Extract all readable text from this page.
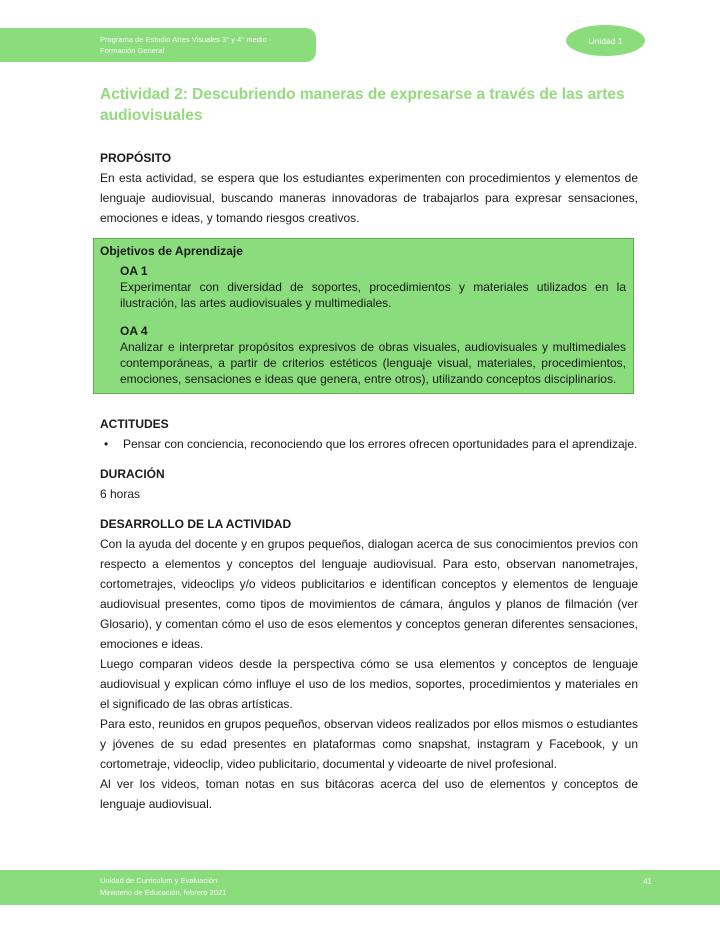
Programa de Estudio Artes Visuales 3° y 4° medio
Formación General
Unidad 1
Actividad 2: Descubriendo maneras de expresarse a través de las artes audiovisuales
PROPÓSITO

En esta actividad, se espera que los estudiantes experimenten con procedimientos y elementos de lenguaje audiovisual, buscando maneras innovadoras de trabajarlos para expresar sensaciones, emociones e ideas, y tomando riesgos creativos.

Objetivos de Aprendizaje
OA 1

Experimentar con diversidad de soportes, procedimientos y materiales utilizados en la ilustración, las artes audiovisuales y multimediales.

OA 4

Analizar e interpretar propósitos expresivos de obras visuales, audiovisuales y multimediales contemporáneas, a partir de criterios estéticos (lenguaje visual, materiales, procedimientos, emociones, sensaciones e ideas que genera, entre otros), utilizando conceptos disciplinarios.

ACTITUDES
•	Pensar con conciencia, reconociendo que los errores ofrecen oportunidades para el aprendizaje.
DURACIÓN
6 horas
DESARROLLO DE LA ACTIVIDAD

Con la ayuda del docente y en grupos pequeños, dialogan acerca de sus conocimientos previos con respecto a elementos y conceptos del lenguaje audiovisual. Para esto, observan nanometrajes, cortometrajes, videoclips y/o videos publicitarios e identifican conceptos y elementos de lenguaje audiovisual presentes, como tipos de movimientos de cámara, ángulos y planos de filmación (ver Glosario), y comentan cómo el uso de esos elementos y conceptos generan diferentes sensaciones, emociones e ideas.

Luego comparan videos desde la perspectiva cómo se usa elementos y conceptos de lenguaje audiovisual y explican cómo influye el uso de los medios, soportes, procedimientos y materiales en el significado de las obras artísticas.

Para esto, reunidos en grupos pequeños, observan videos realizados por ellos mismos o estudiantes y jóvenes de su edad presentes en plataformas como snapshat, instagram y Facebook, y un cortometraje, videoclip, video publicitario, documental y videoarte de nivel profesional.

Al ver los videos, toman notas en sus bitácoras acerca del uso de elementos y conceptos de lenguaje audiovisual.

Unidad de Curriculum y Evaluación
Ministerio de Educación, febrero 2021
41
